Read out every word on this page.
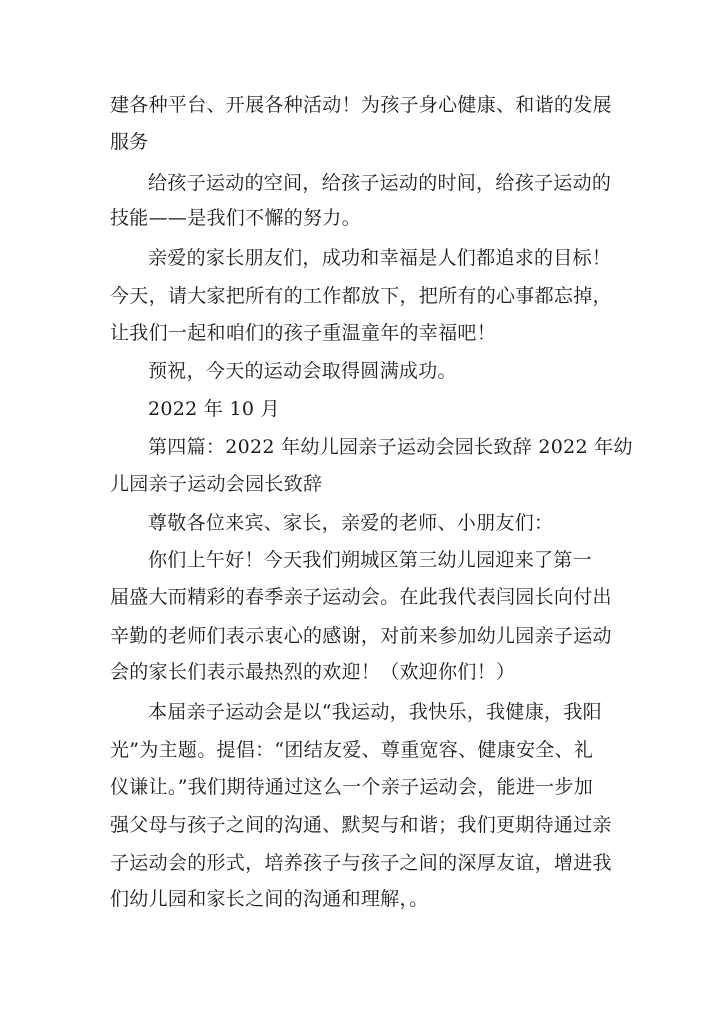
建各种平台、开展各种活动！为孩子身心健康、和谐的发展
服务
给孩子运动的空间，给孩子运动的时间，给孩子运动的
技能——是我们不懈的努力。
亲爱的家长朋友们，成功和幸福是人们都追求的目标！
今天，请大家把所有的工作都放下，把所有的心事都忘掉，
让我们一起和咱们的孩子重温童年的幸福吧！
预祝，今天的运动会取得圆满成功。
2022 年 10 月
第四篇：2022 年幼儿园亲子运动会园长致辞 2022 年幼
儿园亲子运动会园长致辞
尊敬各位来宾、家长，亲爱的老师、小朋友们：
你们上午好！今天我们朔城区第三幼儿园迎来了第一
届盛大而精彩的春季亲子运动会。在此我代表闫园长向付出
辛勤的老师们表示衷心的感谢，对前来参加幼儿园亲子运动
会的家长们表示最热烈的欢迎！（欢迎你们！）
本届亲子运动会是以“我运动，我快乐，我健康，我阳
光”为主题。提倡：“团结友爱、尊重宽容、健康安全、礼
仪谦让。”我们期待通过这么一个亲子运动会，能进一步加
强父母与孩子之间的沟通、默契与和谐；我们更期待通过亲
子运动会的形式，培养孩子与孩子之间的深厚友谊，增进我
们幼儿园和家长之间的沟通和理解，。
